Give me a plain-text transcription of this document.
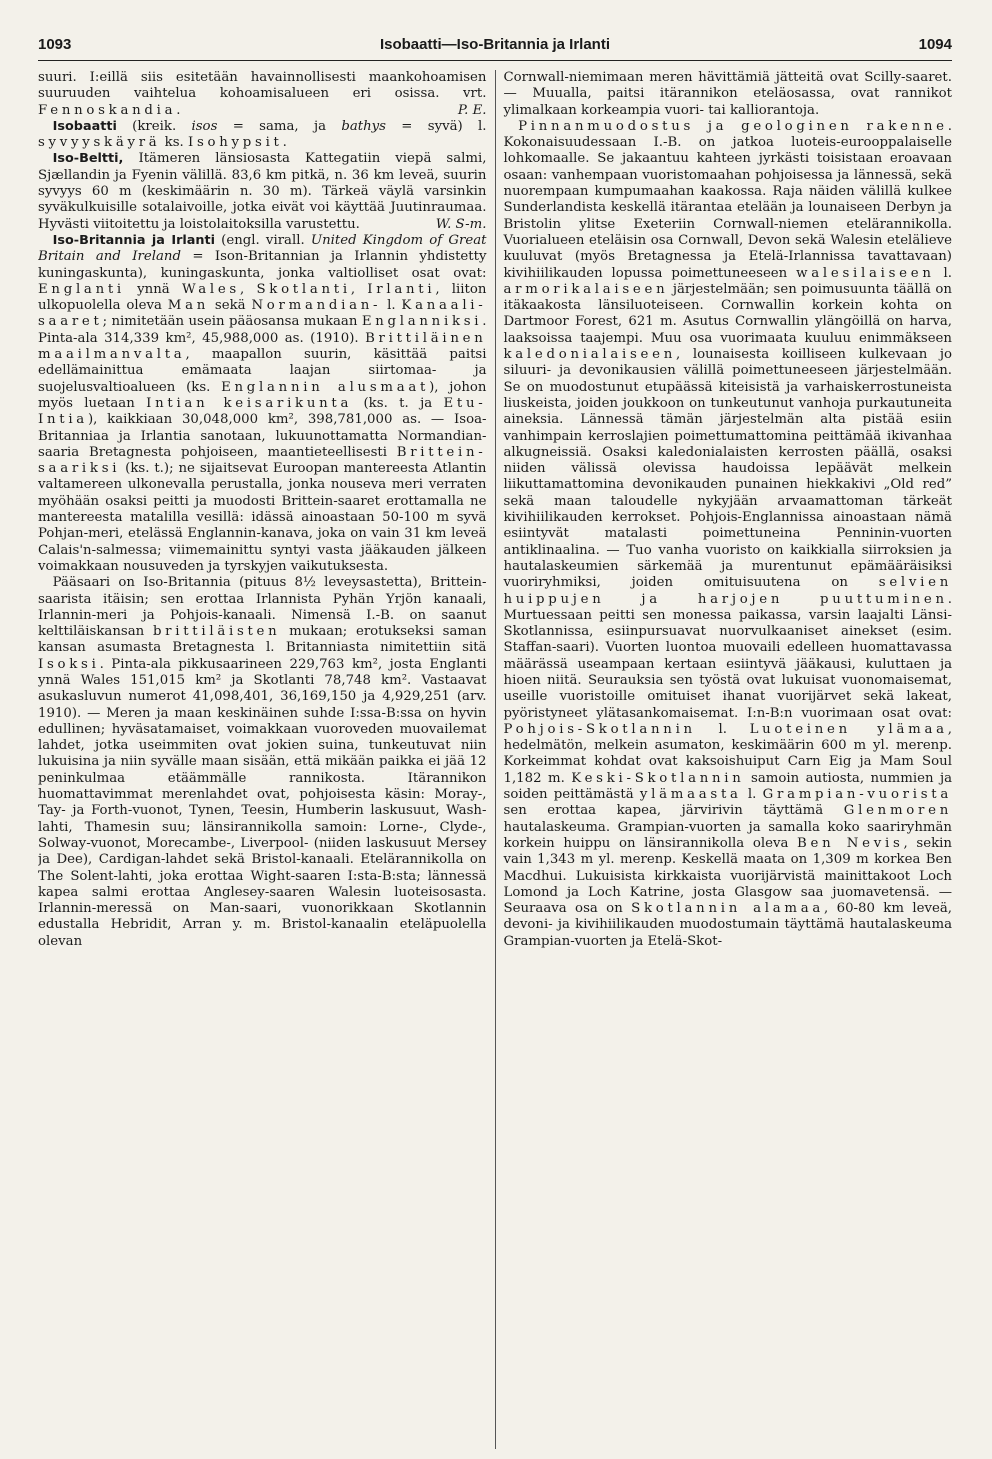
1093	Isobaatti—Iso-Britannia ja Irlanti	1094

suuri. I:eillä siis esitetään havainnollisesti maankohoamisen suuruuden vaihtelua kohoamisalueen eri osissa. vrt. Fennoskandia.	P. E.

Isobaatti (kreik. isos = sama, ja bathys = syvä) l. syvyyskäyrä ks. Isohypsit.

Iso-Beltti, Itämeren länsiosasta Kattegatiin viepä salmi, Sjællandin ja Fyenin välillä. 83,6 km pitkä, n. 36 km leveä, suurin syvyys 60 m (keskimäärin n. 30 m). Tärkeä väylä varsinkin syväkulkuisille sotalaivoille, jotka eivät voi käyttää Juutinraumaa. Hyvästi viitoitettu ja loistolaitoksilla varustettu.	W. S-m.

Iso-Britannia ja Irlanti (engl. virall. United Kingdom of Great Britain and Ireland = Ison-Britannian ja Irlannin yhdistetty kuningaskunta), kuningaskunta, jonka valtiolliset osat ovat: Englanti ynnä Wales, Skotlanti, Irlanti, liiton ulkopuolella oleva Man sekä Normandian- l. Kanaali-saaret; nimitetään usein pääosansa mukaan Englanniksi. Pinta-ala 314,339 km², 45,988,000 as. (1910). Brittiläinen maailmanvalta, maapallon suurin, käsittää paitsi edellämainittua emämaata laajan siirtomaa- ja suojelusvaltioalueen (ks. Englannin alusmaat), johon myös luetaan Intian keisarikunta (ks. t. ja Etu-Intia), kaikkiaan 30,048,000 km², 398,781,000 as. — Isoa-Britanniaa ja Irlantia sanotaan, lukuunottamatta Normandian-saaria Bretagnesta pohjoiseen, maantieteellisesti Brittein-saariksi (ks. t.); ne sijaitsevat Euroopan mantereesta Atlantin valtamereen ulkonevalla perustalla, jonka nouseva meri verraten myöhään osaksi peitti ja muodosti Brittein-saaret erottamalla ne mantereesta matalilla vesillä: idässä ainoastaan 50-100 m syvä Pohjan-meri, etelässä Englannin-kanava, joka on vain 31 km leveä Calais'n-salmessa; viimemainittu syntyi vasta jääkauden jälkeen voimakkaan nousuveden ja tyrskyjen vaikutuksesta.

Pääsaari on Iso-Britannia (pituus 8½ leveysastetta), Brittein-saarista itäisin; sen erottaa Irlannista Pyhän Yrjön kanaali, Irlannin-meri ja Pohjois-kanaali. Nimensä I.-B. on saanut kelttiläiskansan brittiläisten mukaan; erotukseksi saman kansan asumasta Bretagnesta l. Britanniasta nimitettiin sitä Isoksi. Pinta-ala pikkusaarineen 229,763 km², josta Englanti ynnä Wales 151,015 km² ja Skotlanti 78,748 km². Vastaavat asukasluvun numerot 41,098,401, 36,169,150 ja 4,929,251 (arv. 1910). — Meren ja maan keskinäinen suhde I:ssa-B:ssa on hyvin edullinen; hyväsatamaiset, voimakkaan vuoroveden muovailemat lahdet, jotka useimmiten ovat jokien suina, tunkeutuvat niin lukuisina ja niin syvälle maan sisään, että mikään paikka ei jää 12 peninkulmaa etäämmälle rannikosta. Itärannikon huomattavimmat merenlahdet ovat, pohjoisesta käsin: Moray-, Tay- ja Forth-vuonot, Tynen, Teesin, Humberin laskusuut, Wash-lahti, Thamesin suu; länsirannikolla samoin: Lorne-, Clyde-, Solway-vuonot, Morecambe-, Liverpool- (niiden laskusuut Mersey ja Dee), Cardigan-lahdet sekä Bristol-kanaali. Etelärannikolla on The Solent-lahti, joka erottaa Wight-saaren I:sta-B:sta; lännessä kapea salmi erottaa Anglesey-saaren Walesin luoteisosasta. Irlannin-meressä on Man-saari, vuonorikkaan Skotlannin edustalla Hebridit, Arran y. m. Bristol-kanaalin eteläpuolella olevan

Cornwall-niemimaan meren hävittämiä jätteitä ovat Scilly-saaret. — Muualla, paitsi itärannikon eteläosassa, ovat rannikot ylimalkaan korkeampia vuori- tai kalliorantoja.

Pinnanmuodostus ja geologinen rakenne. Kokonaisuudessaan I.-B. on jatkoa luoteis-eurooppalaiselle lohkomaalle. Se jakaantuu kahteen jyrkästi toisistaan eroavaan osaan: vanhempaan vuoristomaahan pohjoisessa ja lännessä, sekä nuorempaan kumpumaahan kaakossa. Raja näiden välillä kulkee Sunderlandista keskellä itärantaa etelään ja lounaiseen Derbyn ja Bristolin ylitse Exeteriin Cornwall-niemen etelärannikolla. Vuorialueen eteläisin osa Cornwall, Devon sekä Walesin etelälieve kuuluvat (myös Bretagnessa ja Etelä-Irlannissa tavattavaan) kivihiilikauden lopussa poimettuneeseen walesilaiseen l. armorikalaiseen järjestelmään; sen poimusuunta täällä on itäkaakosta länsiluoteiseen. Cornwallin korkein kohta on Dartmoor Forest, 621 m. Asutus Cornwallin ylängöillä on harva, laaksoissa taajempi. Muu osa vuorimaata kuuluu enimmäkseen kaledonialaiseen, lounaisesta koilliseen kulkevaan jo siluuri- ja devonikausien välillä poimettuneeseen järjestelmään. Se on muodostunut etupäässä kiteisistä ja varhaiskerrostuneista liuskeista, joiden joukkoon on tunkeutunut vanhoja purkautuneita aineksia. Lännessä tämän järjestelmän alta pistää esiin vanhimpain kerroslajien poimettumattomina peittämää ikivanhaa alkugneissiä. Osaksi kaledonialaisten kerrosten päällä, osaksi niiden välissä olevissa haudoissa lepäävät melkein liikuttamattomina devonikauden punainen hiekkakivi „Old red” sekä maan taloudelle nykyjään arvaamattoman tärkeät kivihiilikauden kerrokset. Pohjois-Englannissa ainoastaan nämä esiintyvät matalasti poimettuneina Penninin-vuorten antiklinaalina. — Tuo vanha vuoristo on kaikkialla siirroksien ja hautalaskeumien särkemää ja murentunut epämääräisiksi vuoriryhmiksi, joiden omituisuutena on selvien huippujen ja harjojen puuttuminen. Murtuessaan peitti sen monessa paikassa, varsin laajalti Länsi-Skotlannissa, esiinpursuavat nuorvulkaaniset ainekset (esim. Staffan-saari). Vuorten luontoa muovaili edelleen huomattavassa määrässä useampaan kertaan esiintyvä jääkausi, kuluttaen ja hioen niitä. Seurauksia sen työstä ovat lukuisat vuonomaisemat, useille vuoristoille omituiset ihanat vuorijärvet sekä lakeat, pyöristyneet ylätasankomaisemat. I:n-B:n vuorimaan osat ovat: Pohjois-Skotlannin l. Luoteinen ylämaa, hedelmätön, melkein asumaton, keskimäärin 600 m yl. merenp. Korkeimmat kohdat ovat kaksoishuiput Carn Eig ja Mam Soul 1,182 m. Keski-Skotlannin samoin autiosta, nummien ja soiden peittämästä ylämaasta l. Grampian-vuorista sen erottaa kapea, järvirivin täyttämä Glenmoren hautalaskeuma. Grampian-vuorten ja samalla koko saariryhmän korkein huippu on länsirannikolla oleva Ben Nevis, sekin vain 1,343 m yl. merenp. Keskellä maata on 1,309 m korkea Ben Macdhui. Lukuisista kirkkaista vuorijärvistä mainittakoot Loch Lomond ja Loch Katrine, josta Glasgow saa juomavetensä. — Seuraava osa on Skotlannin alamaa, 60-80 km leveä, devoni- ja kivihiilikauden muodostumain täyttämä hautalaskeuma Grampian-vuorten ja Etelä-Skot-
